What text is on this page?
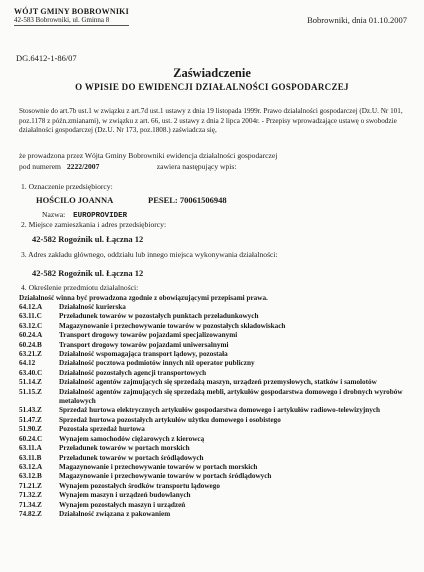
WÓJT GMINY BOBROWNIKI
42-583 Bobrowniki, ul. Gminna 8	Bobrowniki, dnia 01.10.2007
DG.6412-1-86/07
Zaświadczenie
O WPISIE DO EWIDENCJI DZIAŁALNOŚCI GOSPODARCZEJ
Stosownie do art.7b ust.1 w związku z art.7d ust.1 ustawy z dnia 19 listopada 1999r. Prawo działalności gospodarczej (Dz.U. Nr 101, poz.1178 z późn.zmianami), w związku z art. 66, ust. 2 ustawy z dnia 2 lipca 2004r. - Przepisy wprowadzające ustawę o swobodzie działalności gospodarczej (Dz.U. Nr 173, poz.1808.) zaświadcza się,
że prowadzona przez Wójta Gminy Bobrowniki ewidencja działalności gospodarczej
pod numerem 2222/2007	zawiera następujący wpis:
1. Oznaczenie przedsiębiorcy:
HOŚCILO JOANNA	PESEL: 70061506948
Nazwa: EUROPROVIDER
2. Miejsce zamieszkania i adres przedsiębiorcy:
42-582 Rogoźnik ul. Łączna 12
3. Adres zakładu głównego, oddziału lub innego miejsca wykonywania działalności:
42-582 Rogoźnik ul. Łączna 12
4. Określenie przedmiotu działalności:
Działalność winna być prowadzona zgodnie z obowiązującymi przepisami prawa.
64.12.A	Działalność kurierska
63.11.C	Przeładunek towarów w pozostałych punktach przeładunkowych
63.12.C	Magazynowanie i przechowywanie towarów w pozostałych składowiskach
60.24.A	Transport drogowy towarów pojazdami specjalizowanymi
60.24.B	Transport drogowy towarów pojazdami uniwersalnymi
63.21.Z	Działalność wspomagająca transport lądowy, pozostała
64.12	Działalność pocztowa podmiotów innych niż operator publiczny
63.40.C	Działalność pozostałych agencji transportowych
51.14.Z	Działalność agentów zajmujących się sprzedażą maszyn, urządzeń przemysłowych, statków i samolotów
51.15.Z	Działalność agentów zajmujących się sprzedażą mebli, artykułów gospodarstwa domowego i drobnych wyrobów metalowych
51.43.Z	Sprzedaż hurtowa elektrycznych artykułów gospodarstwa domowego i artykułów radiowo-telewizyjnych
51.47.Z	Sprzedaż hurtowa pozostałych artykułów użytku domowego i osobistego
51.90.Z	Pozostała sprzedaż hurtowa
60.24.C	Wynajem samochodów ciężarowych z kierowcą
63.11.A	Przeładunek towarów w portach morskich
63.11.B	Przeładunek towarów w portach śródlądowych
63.12.A	Magazynowanie i przechowywanie towarów w portach morskich
63.12.B	Magazynowanie i przechowywanie towarów w portach śródlądowych
71.21.Z	Wynajem pozostałych środków transportu lądowego
71.32.Z	Wynajem maszyn i urządzeń budowlanych
71.34.Z	Wynajem pozostałych maszyn i urządzeń
74.82.Z	Działalność związana z pakowaniem
